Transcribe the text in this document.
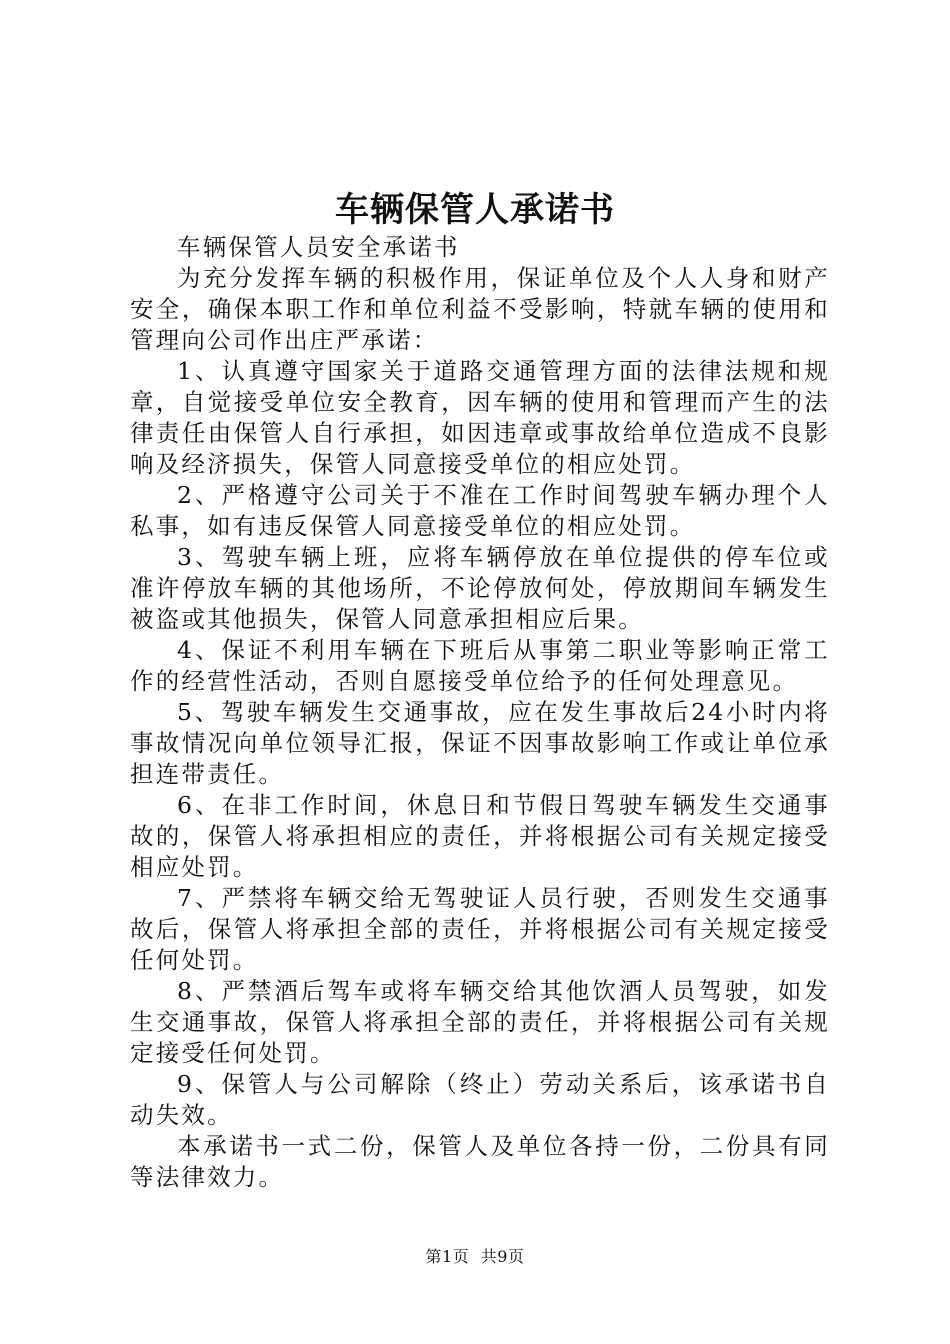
车辆保管人承诺书

车辆保管人员安全承诺书

为充分发挥车辆的积极作用，保证单位及个人人身和财产安全，确保本职工作和单位利益不受影响，特就车辆的使用和管理向公司作出庄严承诺：

1、认真遵守国家关于道路交通管理方面的法律法规和规章，自觉接受单位安全教育，因车辆的使用和管理而产生的法律责任由保管人自行承担，如因违章或事故给单位造成不良影响及经济损失，保管人同意接受单位的相应处罚。

2、严格遵守公司关于不准在工作时间驾驶车辆办理个人私事，如有违反保管人同意接受单位的相应处罚。

3、驾驶车辆上班，应将车辆停放在单位提供的停车位或准许停放车辆的其他场所，不论停放何处，停放期间车辆发生被盗或其他损失，保管人同意承担相应后果。

4、保证不利用车辆在下班后从事第二职业等影响正常工作的经营性活动，否则自愿接受单位给予的任何处理意见。

5、驾驶车辆发生交通事故，应在发生事故后24小时内将事故情况向单位领导汇报，保证不因事故影响工作或让单位承担连带责任。

6、在非工作时间，休息日和节假日驾驶车辆发生交通事故的，保管人将承担相应的责任，并将根据公司有关规定接受相应处罚。

7、严禁将车辆交给无驾驶证人员行驶，否则发生交通事故后，保管人将承担全部的责任，并将根据公司有关规定接受任何处罚。

8、严禁酒后驾车或将车辆交给其他饮酒人员驾驶，如发生交通事故，保管人将承担全部的责任，并将根据公司有关规定接受任何处罚。

9、保管人与公司解除（终止）劳动关系后，该承诺书自动失效。

本承诺书一式二份，保管人及单位各持一份，二份具有同等法律效力。

第1页 共9页
